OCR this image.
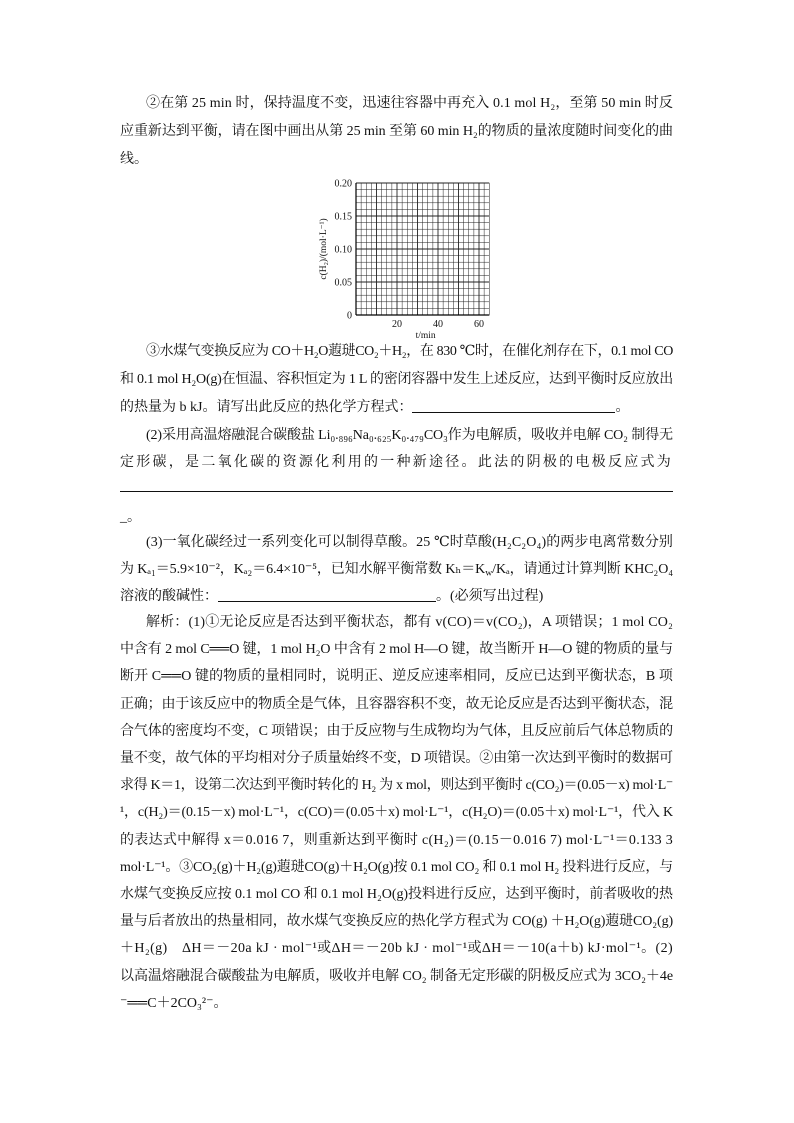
②在第 25 min 时，保持温度不变，迅速往容器中再充入 0.1 mol H₂，至第 50 min 时反
应重新达到平衡，请在图中画出从第 25 min 至第 60 min H₂的物质的量浓度随时间变化的曲
线。
0
0.05
0.10
0.15
0.20
20	40	60
t/min
c(H₂)/(mol·L⁻¹)
③水煤气变换反应为 CO＋H₂O蕸琎CO₂＋H₂，在 830 ℃时，在催化剂存在下，0.1 mol CO
和 0.1 mol H₂O(g)在恒温、容积恒定为 1 L 的密闭容器中发生上述反应，达到平衡时反应放出
的热量为 b kJ。请写出此反应的热化学方程式：	。
(2)采用高温熔融混合碳酸盐 Li₀.₈₉₆Na₀.₆₂₅K₀.₄₇₉CO₃作为电解质，吸收并电解 CO₂ 制得无
定形碳，是二氧化碳的资源化利用的一种新途径。此法的阴极的电极反应式为
_。
(3)一氧化碳经过一系列变化可以制得草酸。25 ℃时草酸(H₂C₂O₄)的两步电离常数分别
为 Kₐ₁＝5.9×10⁻²，Kₐ₂＝6.4×10⁻⁵，已知水解平衡常数 $K_h=K_w/K_a$，请通过计算判断 KHC₂O₄
溶液的酸碱性：	。(必须写出过程)
解析：(1)①无论反应是否达到平衡状态，都有 v(CO)＝v(CO₂)，A 项错误；1 mol CO₂
中含有 2 mol C══O 键，1 mol H₂O 中含有 2 mol H—O 键，故当断开 H—O 键的物质的量与
断开 C══O 键的物质的量相同时，说明正、逆反应速率相同，反应已达到平衡状态，B 项
正确；由于该反应中的物质全是气体，且容器容积不变，故无论反应是否达到平衡状态，混
合气体的密度均不变，C 项错误；由于反应物与生成物均为气体，且反应前后气体总物质的
量不变，故气体的平均相对分子质量始终不变，D 项错误。②由第一次达到平衡时的数据可
求得 K＝1，设第二次达到平衡时转化的 H₂ 为 x mol，则达到平衡时 c(CO₂)＝(0.05－x) mol·L⁻
¹，c(H₂)＝(0.15－x) mol·L⁻¹，c(CO)＝(0.05＋x) mol·L⁻¹，c(H₂O)＝(0.05＋x) mol·L⁻¹，代入 K
的表达式中解得 x＝0.016 7，则重新达到平衡时 c(H₂)＝(0.15－0.016 7) mol·L⁻¹＝0.133 3
mol·L⁻¹。③CO₂(g)＋H₂(g)蕸琎CO(g)＋H₂O(g)按 0.1 mol CO₂ 和 0.1 mol H₂ 投料进行反应，与
水煤气变换反应按 0.1 mol CO 和 0.1 mol H₂O(g)投料进行反应，达到平衡时，前者吸收的热
量与后者放出的热量相同，故水煤气变换反应的热化学方程式为 CO(g) ＋H₂O(g)蕸琎CO₂(g)
＋H₂(g)　ΔH＝－20a kJ · mol⁻¹或ΔH＝－20b kJ · mol⁻¹或ΔH＝－10(a＋b) kJ·mol⁻¹。(2)
以高温熔融混合碳酸盐为电解质，吸收并电解 CO₂ 制备无定形碳的阴极反应式为 3CO₂＋4e
⁻══C＋2CO₃²⁻。
